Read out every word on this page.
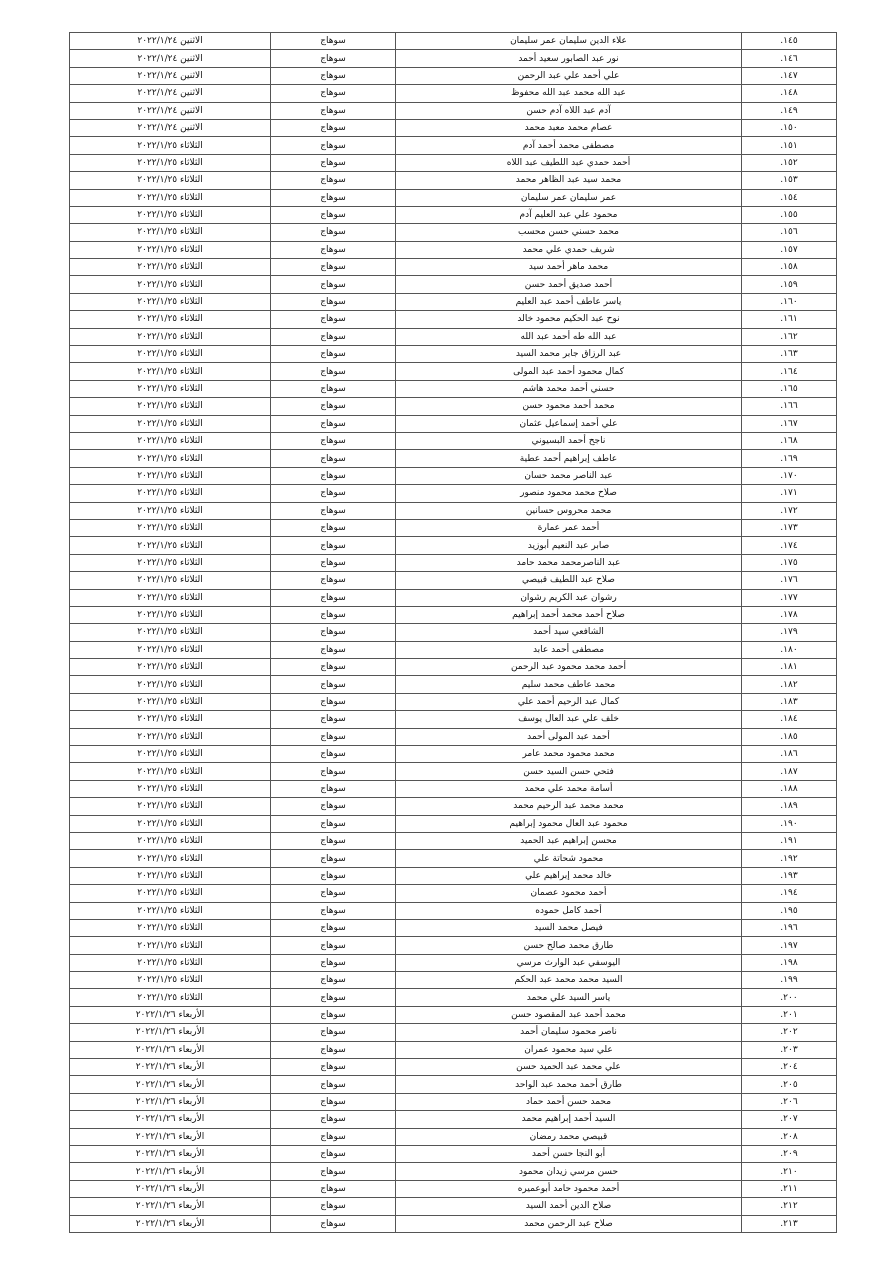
الاثنين ٢٠٢٢/١/٢٤	سوهاج	علاء الدين سليمان عمر سليمان	١٤٥.
الاثنين ٢٠٢٢/١/٢٤	سوهاج	نور عبد الصابور سعيد أحمد	١٤٦.
الاثنين ٢٠٢٢/١/٢٤	سوهاج	علي أحمد علي عبد الرحمن	١٤٧.
الاثنين ٢٠٢٢/١/٢٤	سوهاج	عبد الله محمد عبد الله محفوظ	١٤٨.
الاثنين ٢٠٢٢/١/٢٤	سوهاج	آدم عبد اللاه آدم حسن	١٤٩.
الاثنين ٢٠٢٢/١/٢٤	سوهاج	عصام محمد معبد محمد	١٥٠.
الثلاثاء ٢٠٢٢/١/٢٥	سوهاج	مصطفى محمد أحمد آدم	١٥١.
الثلاثاء ٢٠٢٢/١/٢٥	سوهاج	أحمد حمدي عبد اللطيف عبد اللاه	١٥٢.
الثلاثاء ٢٠٢٢/١/٢٥	سوهاج	محمد سيد عبد الظاهر محمد	١٥٣.
الثلاثاء ٢٠٢٢/١/٢٥	سوهاج	عمر سليمان عمر سليمان	١٥٤.
الثلاثاء ٢٠٢٢/١/٢٥	سوهاج	محمود علي عبد العليم آدم	١٥٥.
الثلاثاء ٢٠٢٢/١/٢٥	سوهاج	محمد حسني حسن محسب	١٥٦.
الثلاثاء ٢٠٢٢/١/٢٥	سوهاج	شريف حمدي علي محمد	١٥٧.
الثلاثاء ٢٠٢٢/١/٢٥	سوهاج	محمد ماهر أحمد سيد	١٥٨.
الثلاثاء ٢٠٢٢/١/٢٥	سوهاج	أحمد صديق أحمد حسن	١٥٩.
الثلاثاء ٢٠٢٢/١/٢٥	سوهاج	ياسر عاطف أحمد عبد العليم	١٦٠.
الثلاثاء ٢٠٢٢/١/٢٥	سوهاج	نوح عبد الحكيم محمود خالد	١٦١.
الثلاثاء ٢٠٢٢/١/٢٥	سوهاج	عبد الله طه أحمد عبد الله	١٦٢.
الثلاثاء ٢٠٢٢/١/٢٥	سوهاج	عبد الرزاق جابر محمد السيد	١٦٣.
الثلاثاء ٢٠٢٢/١/٢٥	سوهاج	كمال محمود أحمد عبد المولى	١٦٤.
الثلاثاء ٢٠٢٢/١/٢٥	سوهاج	حسني أحمد محمد هاشم	١٦٥.
الثلاثاء ٢٠٢٢/١/٢٥	سوهاج	محمد أحمد محمود حسن	١٦٦.
الثلاثاء ٢٠٢٢/١/٢٥	سوهاج	علي أحمد إسماعيل عثمان	١٦٧.
الثلاثاء ٢٠٢٢/١/٢٥	سوهاج	ناجح أحمد البسيوني	١٦٨.
الثلاثاء ٢٠٢٢/١/٢٥	سوهاج	عاطف إبراهيم أحمد عطية	١٦٩.
الثلاثاء ٢٠٢٢/١/٢٥	سوهاج	عبد الناصر محمد حسان	١٧٠.
الثلاثاء ٢٠٢٢/١/٢٥	سوهاج	صلاح محمد محمود منصور	١٧١.
الثلاثاء ٢٠٢٢/١/٢٥	سوهاج	محمد محروس حسانين	١٧٢.
الثلاثاء ٢٠٢٢/١/٢٥	سوهاج	أحمد عمر عمارة	١٧٣.
الثلاثاء ٢٠٢٢/١/٢٥	سوهاج	صابر عبد النعيم أبوزيد	١٧٤.
الثلاثاء ٢٠٢٢/١/٢٥	سوهاج	عبد الناصرمحمد محمد حامد	١٧٥.
الثلاثاء ٢٠٢٢/١/٢٥	سوهاج	صلاح عبد اللطيف قبيصي	١٧٦.
الثلاثاء ٢٠٢٢/١/٢٥	سوهاج	رشوان عبد الكريم رشوان	١٧٧.
الثلاثاء ٢٠٢٢/١/٢٥	سوهاج	صلاح أحمد محمد أحمد إبراهيم	١٧٨.
الثلاثاء ٢٠٢٢/١/٢٥	سوهاج	الشافعي سيد أحمد	١٧٩.
الثلاثاء ٢٠٢٢/١/٢٥	سوهاج	مصطفى أحمد عابد	١٨٠.
الثلاثاء ٢٠٢٢/١/٢٥	سوهاج	أحمد محمد محمود عبد الرحمن	١٨١.
الثلاثاء ٢٠٢٢/١/٢٥	سوهاج	محمد عاطف محمد سليم	١٨٢.
الثلاثاء ٢٠٢٢/١/٢٥	سوهاج	كمال عبد الرحيم أحمد علي	١٨٣.
الثلاثاء ٢٠٢٢/١/٢٥	سوهاج	خلف علي عبد العال يوسف	١٨٤.
الثلاثاء ٢٠٢٢/١/٢٥	سوهاج	أحمد عبد المولى أحمد	١٨٥.
الثلاثاء ٢٠٢٢/١/٢٥	سوهاج	محمد محمود محمد عامر	١٨٦.
الثلاثاء ٢٠٢٢/١/٢٥	سوهاج	فتحي حسن السيد حسن	١٨٧.
الثلاثاء ٢٠٢٢/١/٢٥	سوهاج	أسامة محمد علي محمد	١٨٨.
الثلاثاء ٢٠٢٢/١/٢٥	سوهاج	محمد محمد عبد الرحيم محمد	١٨٩.
الثلاثاء ٢٠٢٢/١/٢٥	سوهاج	محمود عبد العال محمود إبراهيم	١٩٠.
الثلاثاء ٢٠٢٢/١/٢٥	سوهاج	محسن إبراهيم عبد الحميد	١٩١.
الثلاثاء ٢٠٢٢/١/٢٥	سوهاج	محمود شحاتة علي	١٩٢.
الثلاثاء ٢٠٢٢/١/٢٥	سوهاج	خالد محمد إبراهيم علي	١٩٣.
الثلاثاء ٢٠٢٢/١/٢٥	سوهاج	أحمد محمود عصمان	١٩٤.
الثلاثاء ٢٠٢٢/١/٢٥	سوهاج	أحمد كامل حموده	١٩٥.
الثلاثاء ٢٠٢٢/١/٢٥	سوهاج	فيصل محمد السيد	١٩٦.
الثلاثاء ٢٠٢٢/١/٢٥	سوهاج	طارق محمد صالح حسن	١٩٧.
الثلاثاء ٢٠٢٢/١/٢٥	سوهاج	اليوسفي عبد الوارث مرسي	١٩٨.
الثلاثاء ٢٠٢٢/١/٢٥	سوهاج	السيد محمد محمد عبد الحكم	١٩٩.
الثلاثاء ٢٠٢٢/١/٢٥	سوهاج	ياسر السيد علي محمد	٢٠٠.
الأربعاء ٢٠٢٢/١/٢٦	سوهاج	محمد أحمد عبد المقصود حسن	٢٠١.
الأربعاء ٢٠٢٢/١/٢٦	سوهاج	ناصر محمود سليمان أحمد	٢٠٢.
الأربعاء ٢٠٢٢/١/٢٦	سوهاج	علي سيد محمود عمران	٢٠٣.
الأربعاء ٢٠٢٢/١/٢٦	سوهاج	علي محمد عبد الحميد حسن	٢٠٤.
الأربعاء ٢٠٢٢/١/٢٦	سوهاج	طارق أحمد محمد عبد الواحد	٢٠٥.
الأربعاء ٢٠٢٢/١/٢٦	سوهاج	محمد حسن أحمد حماد	٢٠٦.
الأربعاء ٢٠٢٢/١/٢٦	سوهاج	السيد أحمد إبراهيم محمد	٢٠٧.
الأربعاء ٢٠٢٢/١/٢٦	سوهاج	قبيصي محمد رمضان	٢٠٨.
الأربعاء ٢٠٢٢/١/٢٦	سوهاج	أبو النجا حسن أحمد	٢٠٩.
الأربعاء ٢٠٢٢/١/٢٦	سوهاج	حسن مرسي زيدان محمود	٢١٠.
الأربعاء ٢٠٢٢/١/٢٦	سوهاج	أحمد محمود حامد أبوعميره	٢١١.
الأربعاء ٢٠٢٢/١/٢٦	سوهاج	صلاح الدين أحمد السيد	٢١٢.
الأربعاء ٢٠٢٢/١/٢٦	سوهاج	صلاح عبد الرحمن محمد	٢١٣.
